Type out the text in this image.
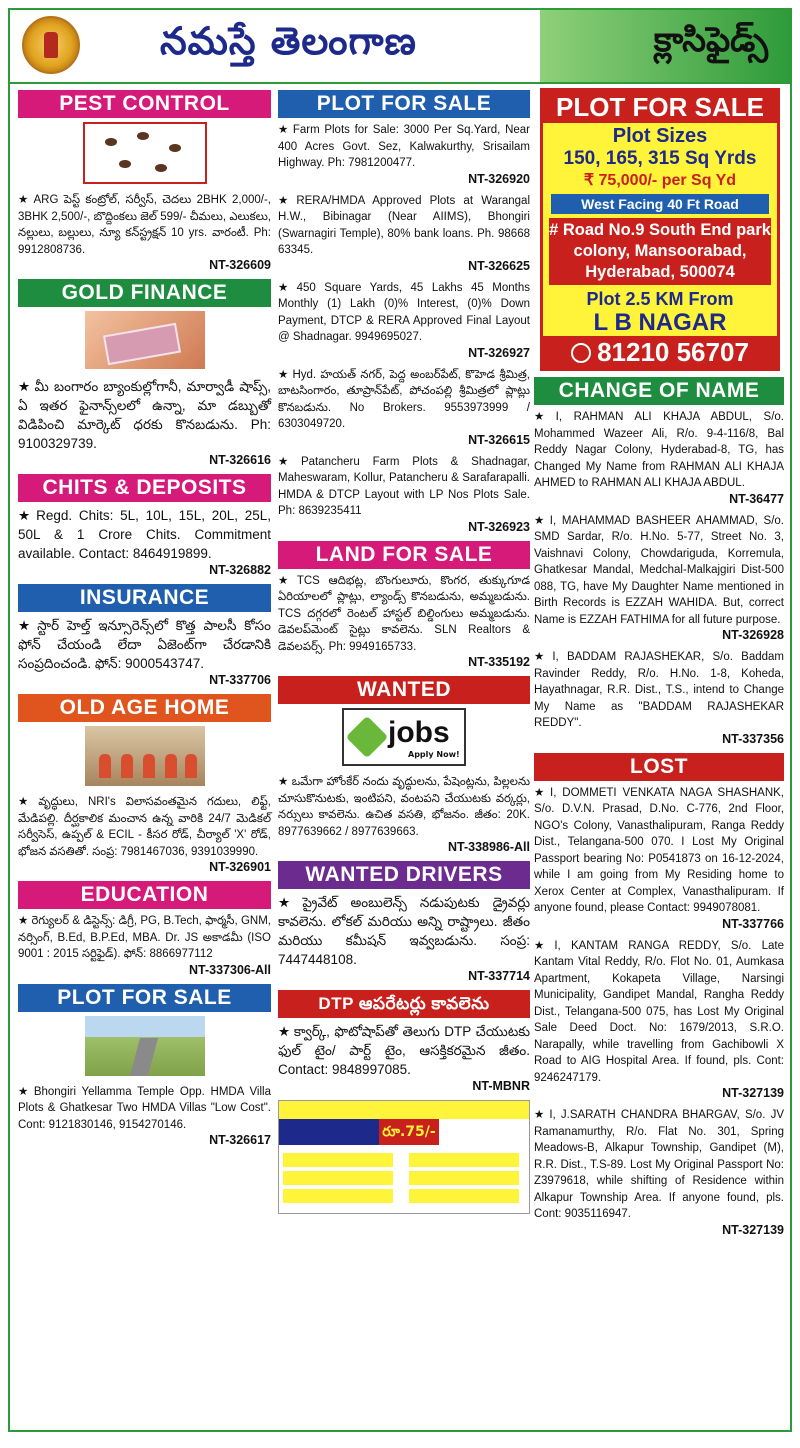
నమస్తే తెలంగాణ	క్లాసిఫైడ్స్
PEST CONTROL

★ ARG పెస్ట్ కంట్రోల్, సర్వీస్, చెదలు 2BHK 2,000/-, 3BHK 2,500/-, బొద్దింకలు జెల్ 599/- చీమలు, ఎలుకలు, నల్లులు, బల్లులు, న్యూ కన్‌స్ట్రక్షన్ 10 yrs. వారంటీ. Ph: 9912808736.

NT-326609

GOLD FINANCE

★ మీ బంగారం బ్యాంకుల్లోగానీ, మార్వాడీ షాప్స్, ఏ ఇతర ఫైనాన్స్‌లలో ఉన్నా, మా డబ్బుతో విడిపించి మార్కెట్ ధరకు కొనబడును. Ph: 9100329739.

NT-326616

CHITS & DEPOSITS

★ Regd. Chits: 5L, 10L, 15L, 20L, 25L, 50L & 1 Crore Chits. Commitment available. Contact: 8464919899.

NT-326882

INSURANCE

★ స్టార్ హెల్త్ ఇన్సూరెన్స్‌లో కొత్త పాలసీ కోసం ఫోన్ చేయండి లేదా ఏజెంట్‌గా చేరడానికి సంప్రదించండి. ఫోన్: 9000543747.

NT-337706

OLD AGE HOME

★ వృద్ధులు, NRI's విలాసవంతమైన గదులు, లిఫ్ట్, మేడిపల్లి. దీర్ఘకాలిక మంచాన ఉన్న వారికి 24/7 మెడికల్ సర్వీసెస్, ఉప్పల్ & ECIL - కీసర రోడ్, చీర్యాల్ 'X' రోడ్, భోజన వసతితో. సంప్ర: 7981467036, 9391039990.

NT-326901

EDUCATION

★ రెగ్యులర్ & డిస్టెన్స్: డిగ్రీ, PG, B.Tech, ఫార్మసీ, GNM, నర్సింగ్, B.Ed, B.P.Ed, MBA. Dr. JS అకాడమీ (ISO 9001 : 2015 సర్టిఫైడ్). ఫోన్: 8866977112

NT-337306-All

PLOT FOR SALE

★ Bhongiri Yellamma Temple Opp. HMDA Villa Plots & Ghatkesar Two HMDA Villas "Low Cost". Cont: 9121830146, 9154270146.

NT-326617

PLOT FOR SALE

★ Farm Plots for Sale: 3000 Per Sq.Yard, Near 400 Acres Govt. Sez, Kalwakurthy, Srisailam Highway. Ph: 7981200477.

NT-326920

★ RERA/HMDA Approved Plots at Warangal H.W., Bibinagar (Near AIIMS), Bhongiri (Swarnagiri Temple), 80% bank loans. Ph. 98668 63345.

NT-326625

★ 450 Square Yards, 45 Lakhs 45 Months Monthly (1) Lakh (0)% Interest, (0)% Down Payment, DTCP & RERA Approved Final Layout @ Shadnagar. 9949695027.

NT-326927

★ Hyd. హయత్ నగర్, పెద్ద అంబర్‌పేట్, కొహెడ శ్రీమిత్ర, బాటసింగారం, తూప్రాన్‌పేట్, పోచంపల్లి శ్రీమిత్రలో ప్లాట్లు కొనబడును. No Brokers. 9553973999 / 6303049720.

NT-326615

★ Patancheru Farm Plots & Shadnagar, Maheswaram, Kollur, Patancheru & Sarafarapalli. HMDA & DTCP Layout with LP Nos Plots Sale. Ph: 8639235411

NT-326923

LAND FOR SALE

★ TCS ఆదిభట్ల, బొంగులూరు, కొంగర, తుక్కుగూడ ఏరియాలలో ప్లాట్లు, ల్యాండ్స్ కొనబడును, అమ్మబడును. TCS దగ్గరలో రెంటల్ హాస్టల్ బిల్డింగులు అమ్మబడును. డెవలప్‌మెంట్ సైట్లు కావలెను. SLN Realtors & డెవలపర్స్. Ph: 9949165733.

NT-335192

WANTED
jobs
Apply Now!

★ ఒమేగా హోంకేర్ నందు వృద్ధులను, పేషెంట్లను, పిల్లలను చూసుకొనుటకు, ఇంటిపని, వంటపని చేయుటకు వర్కర్లు, నర్సులు కావలెను. ఉచిత వసతి, భోజనం. జీతం: 20K. 8977639662 / 8977639663.

NT-338986-All

WANTED DRIVERS

★ ప్రైవేట్ అంబులెన్స్ నడుపుటకు డ్రైవర్లు కావలెను. లోకల్ మరియు అన్ని రాష్ట్రాలు. జీతం మరియు కమీషన్ ఇవ్వబడును. సంప్ర: 7447448108.

NT-337714

DTP ఆపరేటర్లు కావలెను

★ క్వార్క్, ఫొటోషాప్‌తో తెలుగు DTP చేయుటకు ఫుల్ టైం/ పార్ట్ టైం, ఆసక్తికరమైన జీతం. Contact: 9848997085.

NT-MBNR

రూ.75/-
PLOT FOR SALE
Plot Sizes
150, 165, 315 Sq Yrds
₹ 75,000/- per Sq Yd
West Facing 40 Ft Road
# Road No.9 South End park colony, Mansoorabad, Hyderabad, 500074
Plot 2.5 KM From
L B NAGAR
81210 56707
CHANGE OF NAME

★ I, RAHMAN ALI KHAJA ABDUL, S/o. Mohammed Wazeer Ali, R/o. 9-4-116/8, Bal Reddy Nagar Colony, Hyderabad-8, TG, has Changed My Name from RAHMAN ALI KHAJA AHMED to RAHMAN ALI KHAJA ABDUL.

NT-36477

★ I, MAHAMMAD BASHEER AHAMMAD, S/o. SMD Sardar, R/o. H.No. 5-77, Street No. 3, Vaishnavi Colony, Chowdariguda, Korremula, Ghatkesar Mandal, Medchal-Malkajgiri Dist-500 088, TG, have My Daughter Name mentioned in Birth Records is EZZAH WAHIDA. But, correct Name is EZZAH FATHIMA for all future purpose.

NT-326928

★ I, BADDAM RAJASHEKAR, S/o. Baddam Ravinder Reddy, R/o. H.No. 1-8, Koheda, Hayathnagar, R.R. Dist., T.S., intend to Change My Name as "BADDAM RAJASHEKAR REDDY".

NT-337356

LOST

★ I, DOMMETI VENKATA NAGA SHASHANK, S/o. D.V.N. Prasad, D.No. C-776, 2nd Floor, NGO's Colony, Vanasthalipuram, Ranga Reddy Dist., Telangana-500 070. I Lost My Original Passport bearing No: P0541873 on 16-12-2024, while I am going from My Residing home to Xerox Center at Complex, Vanasthalipuram. If anyone found, please Contact: 9949078081.

NT-337766

★ I, KANTAM RANGA REDDY, S/o. Late Kantam Vital Reddy, R/o. Flot No. 01, Aumkasa Apartment, Kokapeta Village, Narsingi Municipality, Gandipet Mandal, Rangha Reddy Dist., Telangana-500 075, has Lost My Original Sale Deed Doct. No: 1679/2013, S.R.O. Narapally, while travelling from Gachibowli X Road to AIG Hospital Area. If found, pls. Cont: 9246247179.

NT-327139

★ I, J.SARATH CHANDRA BHARGAV, S/o. JV Ramanamurthy, R/o. Flat No. 301, Spring Meadows-B, Alkapur Township, Gandipet (M), R.R. Dist., T.S-89. Lost My Original Passport No: Z3979618, while shifting of Residence within Alkapur Township Area. If anyone found, pls. Cont: 9035116947.

NT-327139
